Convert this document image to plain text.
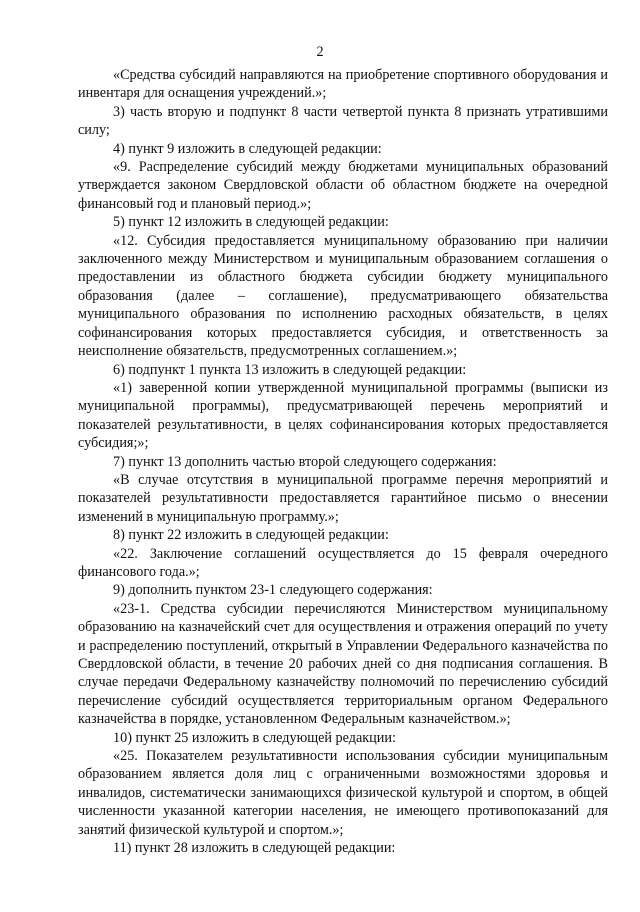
2

«Средства субсидий направляются на приобретение спортивного оборудования и инвентаря для оснащения учреждений.»;

3) часть вторую и подпункт 8 части четвертой пункта 8 признать утратившими силу;

4) пункт 9 изложить в следующей редакции:

«9. Распределение субсидий между бюджетами муниципальных образований утверждается законом Свердловской области об областном бюджете на очередной финансовый год и плановый период.»;

5) пункт 12 изложить в следующей редакции:

«12. Субсидия предоставляется муниципальному образованию при наличии заключенного между Министерством и муниципальным образованием соглашения о предоставлении из областного бюджета субсидии бюджету муниципального образования (далее – соглашение), предусматривающего обязательства муниципального образования по исполнению расходных обязательств, в целях софинансирования которых предоставляется субсидия, и ответственность за неисполнение обязательств, предусмотренных соглашением.»;

6) подпункт 1 пункта 13 изложить в следующей редакции:

«1) заверенной копии утвержденной муниципальной программы (выписки из муниципальной программы), предусматривающей перечень мероприятий и показателей результативности, в целях софинансирования которых предоставляется субсидия;»;

7) пункт 13 дополнить частью второй следующего содержания:

«В случае отсутствия в муниципальной программе перечня мероприятий и показателей результативности предоставляется гарантийное письмо о внесении изменений в муниципальную программу.»;

8) пункт 22 изложить в следующей редакции:

«22. Заключение соглашений осуществляется до 15 февраля очередного финансового года.»;

9) дополнить пунктом 23-1 следующего содержания:

«23-1. Средства субсидии перечисляются Министерством муниципальному образованию на казначейский счет для осуществления и отражения операций по учету и распределению поступлений, открытый в Управлении Федерального казначейства по Свердловской области, в течение 20 рабочих дней со дня подписания соглашения. В случае передачи Федеральному казначейству полномочий по перечислению субсидий перечисление субсидий осуществляется территориальным органом Федерального казначейства в порядке, установленном Федеральным казначейством.»;

10) пункт 25 изложить в следующей редакции:

«25. Показателем результативности использования субсидии муниципальным образованием является доля лиц с ограниченными возможностями здоровья и инвалидов, систематически занимающихся физической культурой и спортом, в общей численности указанной категории населения, не имеющего противопоказаний для занятий физической культурой и спортом.»;

11) пункт 28 изложить в следующей редакции:
